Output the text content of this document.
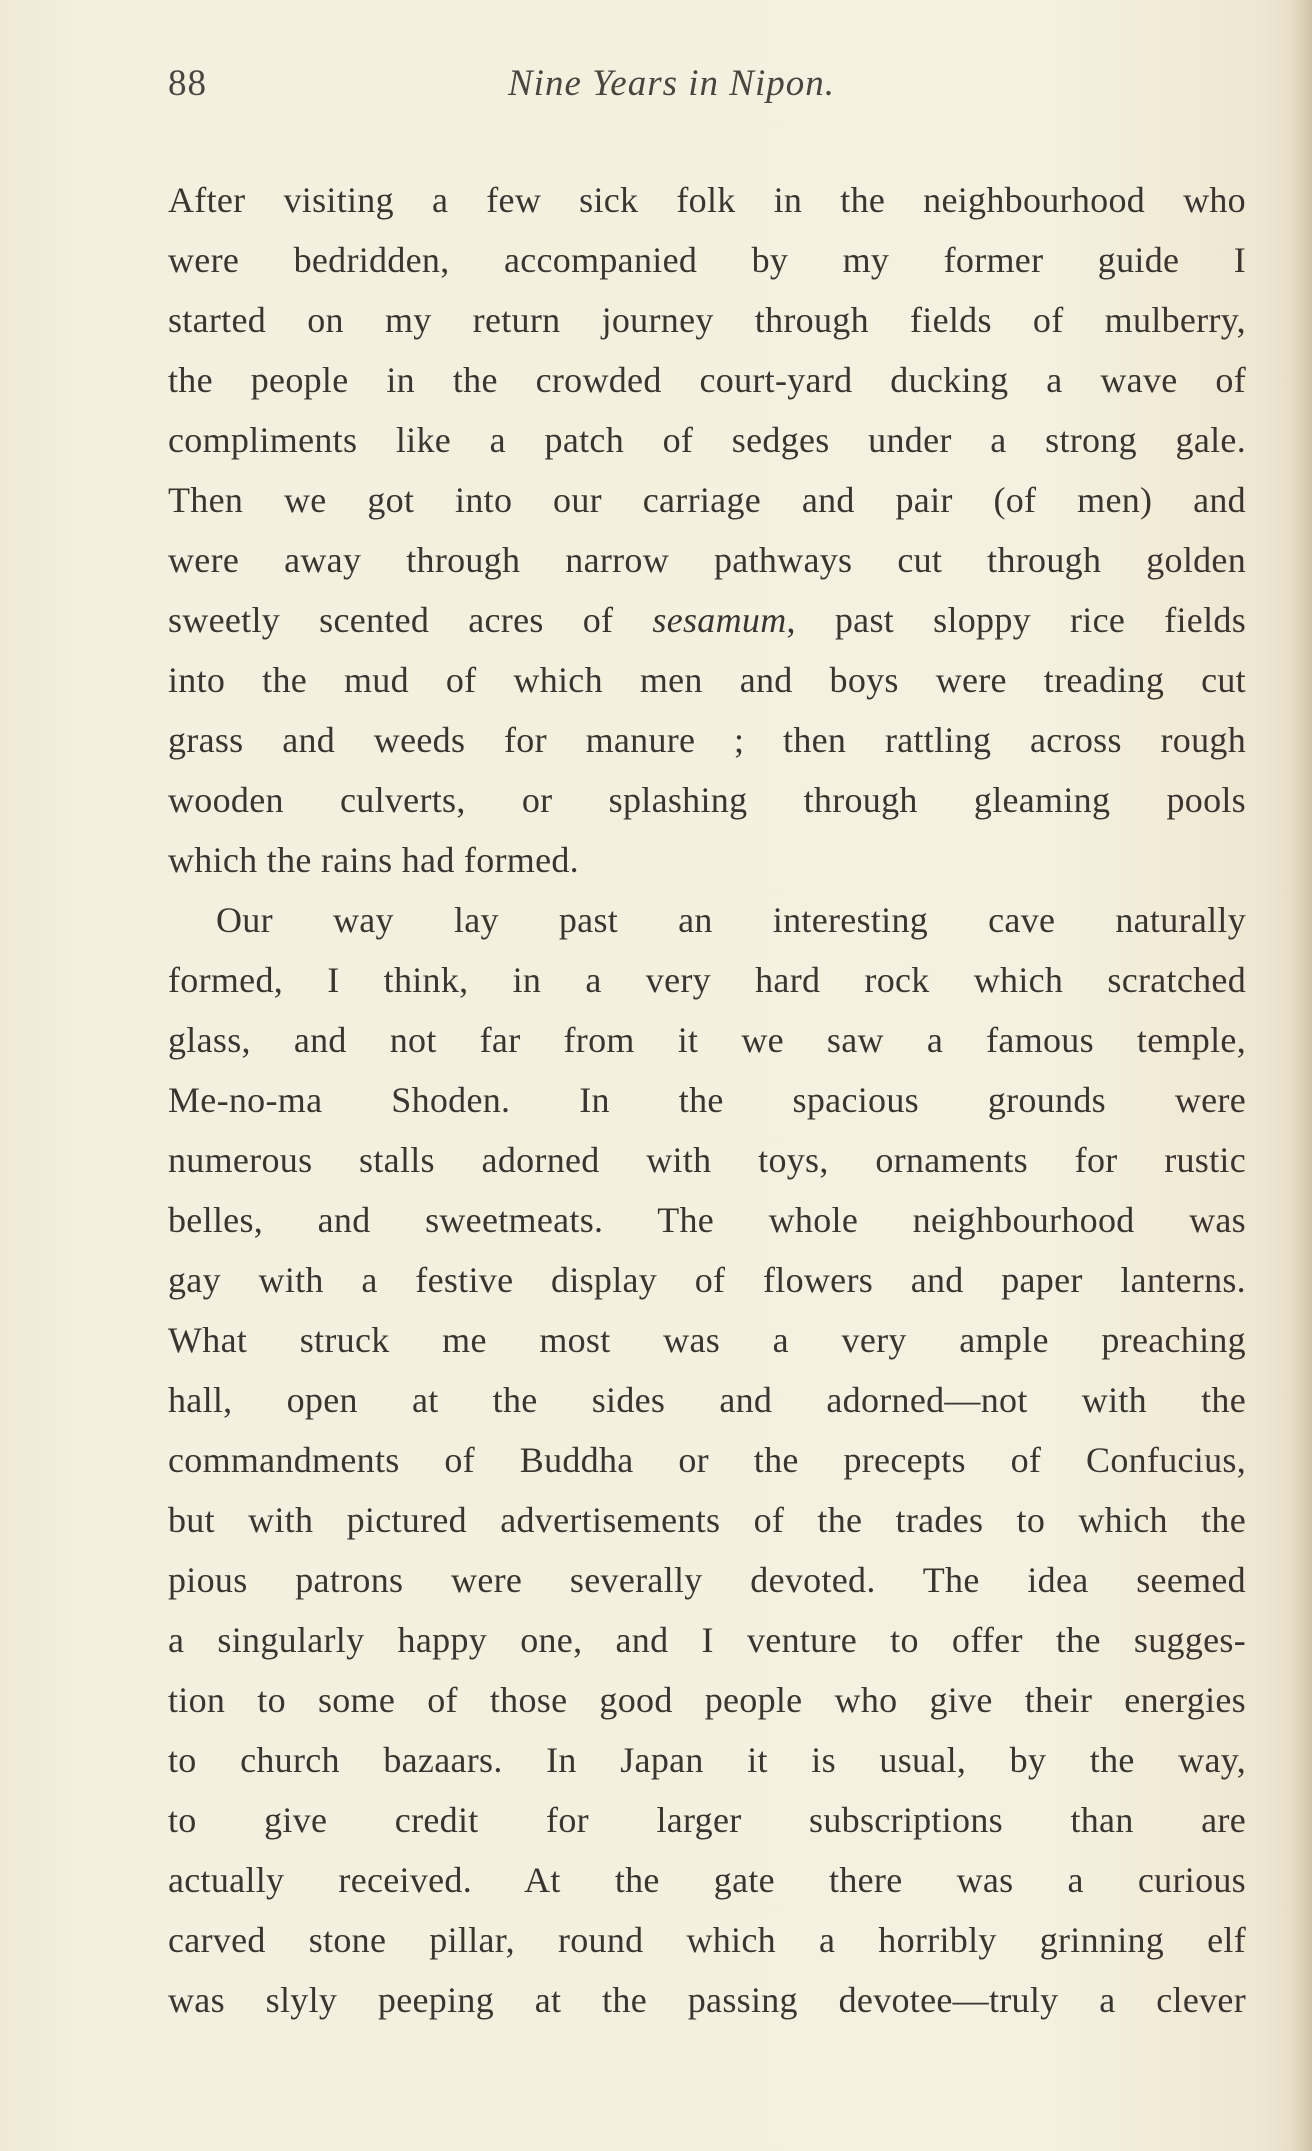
88	Nine Years in Nipon.
After visiting a few sick folk in the neighbourhood who
were bedridden, accompanied by my former guide I
started on my return journey through fields of mulberry,
the people in the crowded court-yard ducking a wave of
compliments like a patch of sedges under a strong gale.
Then we got into our carriage and pair (of men) and
were away through narrow pathways cut through golden
sweetly scented acres of sesamum, past sloppy rice fields
into the mud of which men and boys were treading cut
grass and weeds for manure ; then rattling across rough
wooden culverts, or splashing through gleaming pools
which the rains had formed.
Our way lay past an interesting cave naturally
formed, I think, in a very hard rock which scratched
glass, and not far from it we saw a famous temple,
Me-no-ma Shoden. In the spacious grounds were
numerous stalls adorned with toys, ornaments for rustic
belles, and sweetmeats. The whole neighbourhood was
gay with a festive display of flowers and paper lanterns.
What struck me most was a very ample preaching
hall, open at the sides and adorned—not with the
commandments of Buddha or the precepts of Confucius,
but with pictured advertisements of the trades to which the
pious patrons were severally devoted. The idea seemed
a singularly happy one, and I venture to offer the sugges-
tion to some of those good people who give their energies
to church bazaars. In Japan it is usual, by the way,
to give credit for larger subscriptions than are
actually received. At the gate there was a curious
carved stone pillar, round which a horribly grinning elf
was slyly peeping at the passing devotee—truly a clever
